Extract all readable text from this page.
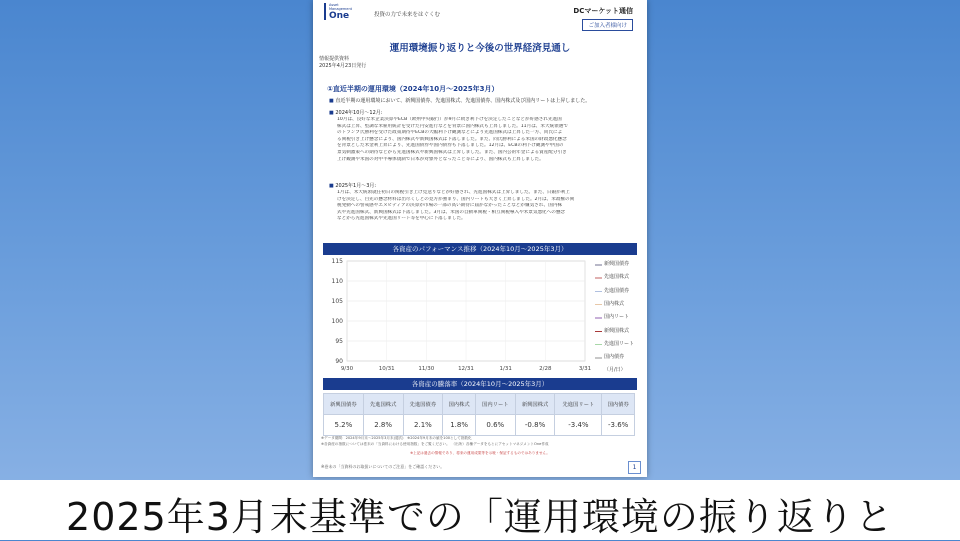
Asset Management
One	投資の力で未来をはぐくむ	DCマーケット通信
ご加入者様向け
運用環境振り返りと今後の世界経済見通し
情報提供資料
2025年4月23日発行
①直近半期の運用環境（2024年10月～2025年3月）
■ 直近半期の運用環境において、新興国債券、先進国株式、先進国債券、国内株式及び国内リートは上昇しました。
■ 2024年10月～12月:
10月は、良好な米企業決算やECB（欧州中央銀行）が9月に続き利下げを決定したことなどが好感され先進国
株式は上昇、堅調な米雇用統計を受けた円安進行などを背景に国内株式も上昇しました。11月は、米大統領選で
のトランプ氏勝利を受けた政策期待やECBの大幅利下げ観測などにより先進国株式は上昇した一方、同氏によ
る関税引き上げ懸念により、国内株式や新興国株式は下落しました。また、同氏勝利による米国の財政悪化懸念
を背景とした米金利上昇により、先進国債券や国内債券も下落しました。12月は、ECBの利下げ観測や中国の
景気刺激策への期待などから先進国株式や新興国株式は上昇しました。また、国内公的年金による資産配分引き
上げ観測や米国の対中半導体規制で日本が対象外となったこと等により、国内株式も上昇しました。
■ 2025年1月～3月:
1月は、米大統領就任初日の関税引き上げ見送りなどが好感され、先進国株式は上昇しました。また、日銀が利上
げを決定し、目先の懸念材料は出尽くしとの見方が強まり、国内リートも大きく上昇しました。2月は、米政権の関
税発動への警戒感やエヌビディアの決算が市場の一部の高い期待に届かなかったことなどが嫌気され、国内株
式や先進国株式、新興国株式は下落しました。3月は、米国の自動車関税・相互関税導入や米景気悪化への懸念
などから先進国株式や先進国リート等を中心に下落しました。
各資産のパフォーマンス推移（2024年10月～2025年3月）
90
95
100
105
110
115
9/30	10/31	11/30	12/31	1/31	2/28	3/31
新興国債券
先進国株式
先進国債券
国内株式
国内リート
新興国株式
先進国リート
国内債券
（月/日）
各資産の騰落率（2024年10月～2025年3月）
新興国債券	先進国株式	先進国債券	国内株式	国内リート	新興国株式	先進国リート	国内債券
5.2%	2.8%	2.1%	1.8%	0.6%	-0.8%	-3.4%	-3.6%
※データ期間：2024年9月末～2025年3月末(週次)　※2024年9月末の値を100として指数化
※各資産の指数については巻末の「当資料における使用指数」をご覧ください。　（出所）各種データをもとにアセットマネジメントOne作成
※上記は過去の情報であり、将来の運用成果等を示唆・保証するものではありません。
※巻末の「当資料のお取扱いについてのご注意」をご確認ください。	1
2025年3月末基準での「運用環境の振り返りと
